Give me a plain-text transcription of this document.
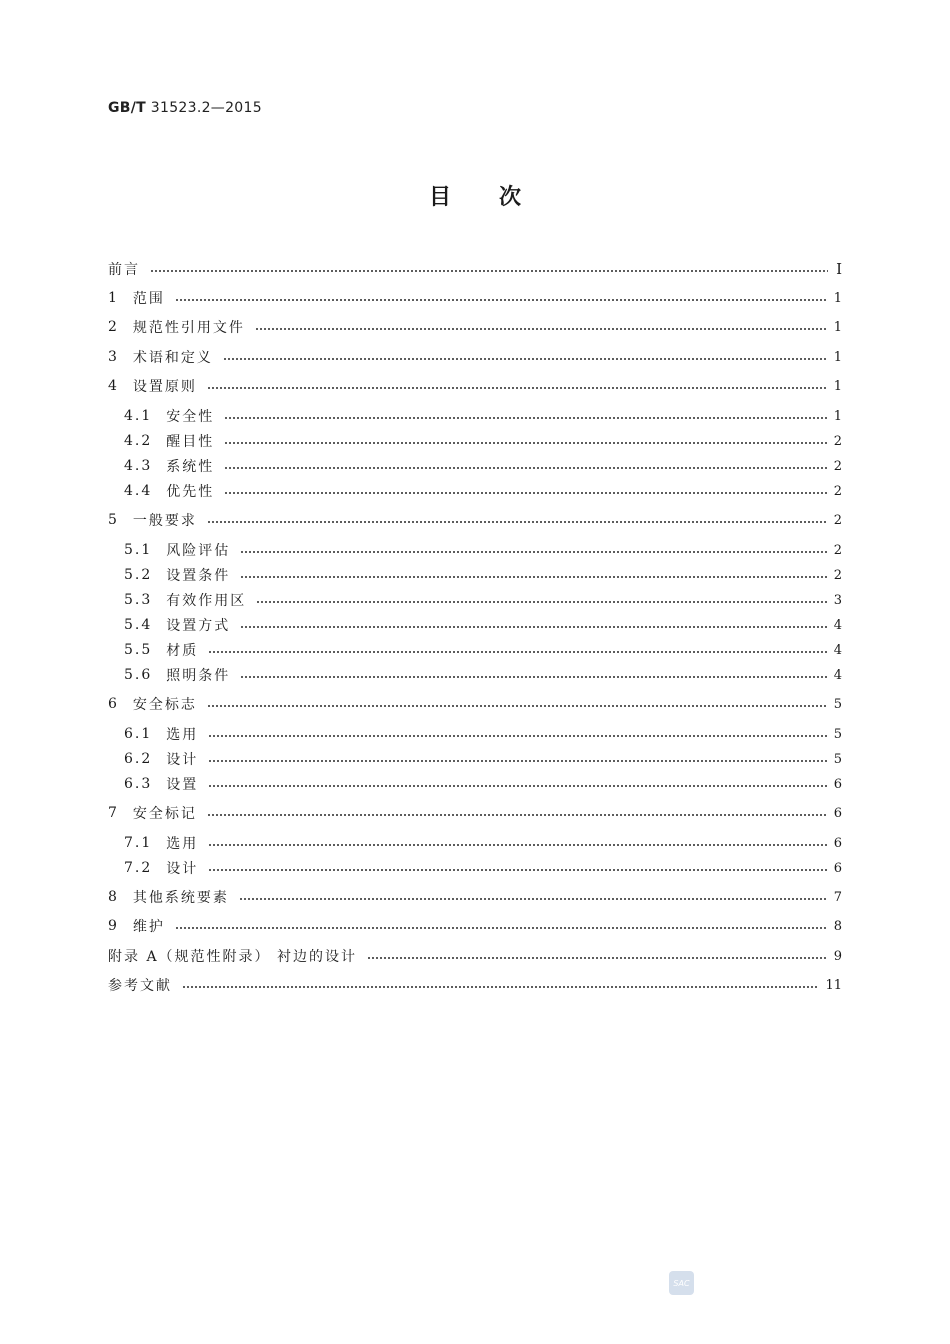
GB/T 31523.2—2015
目次
前言	Ⅰ
1 范围	1
2 规范性引用文件	1
3 术语和定义	1
4 设置原则	1
4.1 安全性	1
4.2 醒目性	2
4.3 系统性	2
4.4 优先性	2
5 一般要求	2
5.1 风险评估	2
5.2 设置条件	2
5.3 有效作用区	3
5.4 设置方式	4
5.5 材质	4
5.6 照明条件	4
6 安全标志	5
6.1 选用	5
6.2 设计	5
6.3 设置	6
7 安全标记	6
7.1 选用	6
7.2 设计	6
8 其他系统要素	7
9 维护	8
附录 A（规范性附录） 衬边的设计	9
参考文献	11
SAC
